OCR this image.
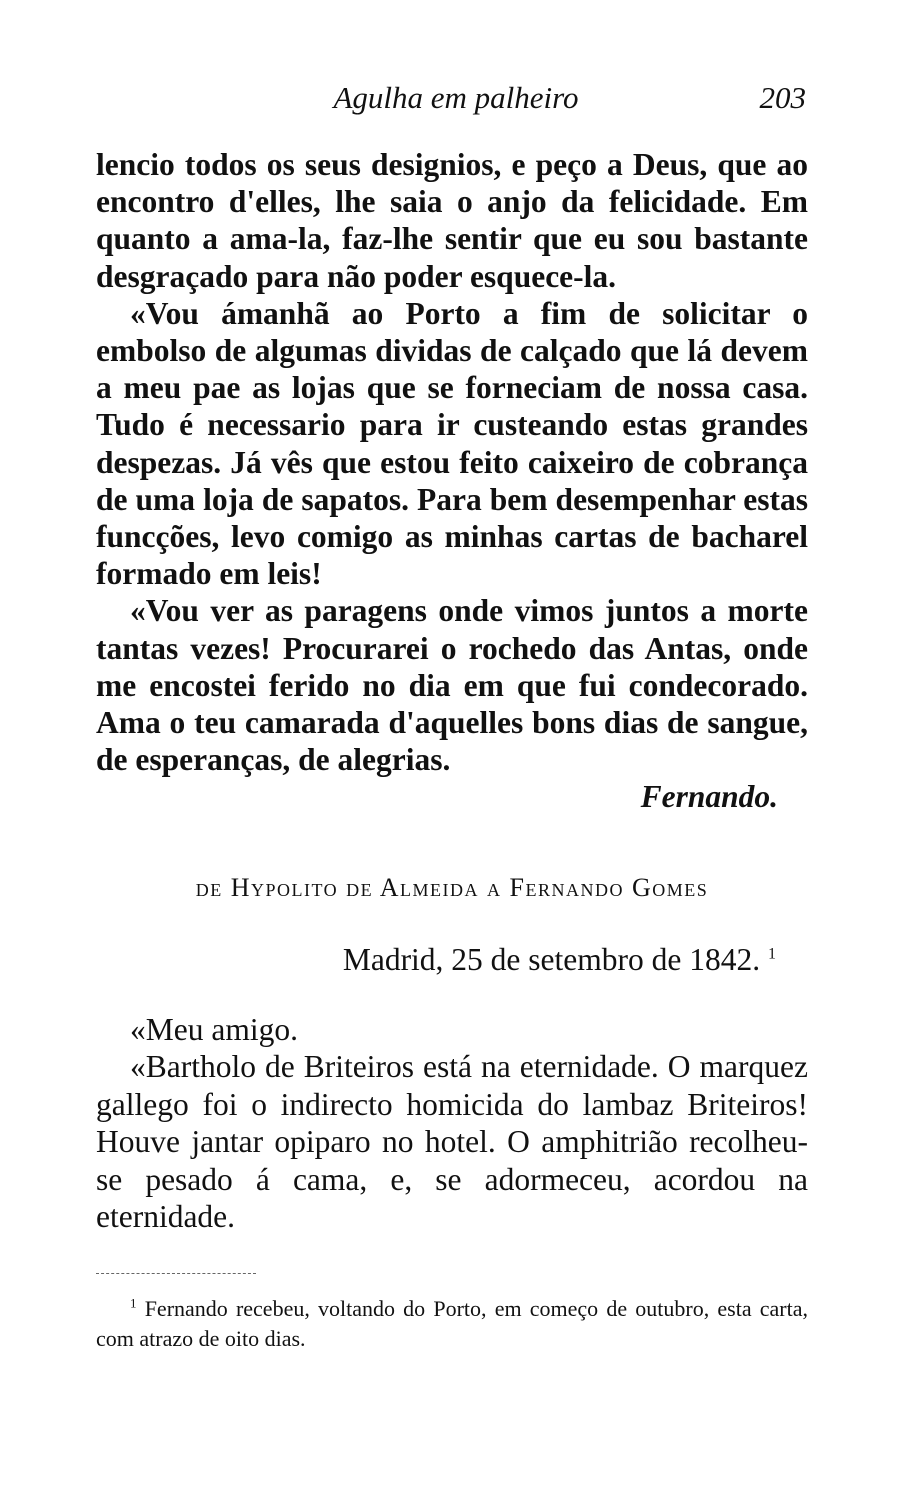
Agulha em palheiro	203

lencio todos os seus designios, e peço a Deus, que ao encontro d'elles, lhe saia o anjo da felicidade. Em quanto a ama-la, faz-lhe sentir que eu sou bastante desgraçado para não poder esquece-la.

«Vou ámanhã ao Porto a fim de solicitar o embolso de algumas dividas de calçado que lá devem a meu pae as lojas que se forneciam de nossa casa. Tudo é necessario para ir custeando estas grandes despezas. Já vês que estou feito caixeiro de cobrança de uma loja de sapatos. Para bem desempenhar estas funcções, levo comigo as minhas cartas de bacharel formado em leis!

«Vou ver as paragens onde vimos juntos a morte tantas vezes! Procurarei o rochedo das Antas, onde me encostei ferido no dia em que fui condecorado. Ama o teu camarada d'aquelles bons dias de sangue, de esperanças, de alegrias.

Fernando.

de Hypolito de Almeida a Fernando Gomes
Madrid, 25 de setembro de 1842. $^1$

«Meu amigo.

«Bartholo de Briteiros está na eternidade. O marquez gallego foi o indirecto homicida do lambaz Briteiros! Houve jantar opiparo no hotel. O amphitrião recolheu-se pesado á cama, e, se adormeceu, acordou na eternidade.

$^1$ Fernando recebeu, voltando do Porto, em começo de outubro, esta carta, com atrazo de oito dias.
